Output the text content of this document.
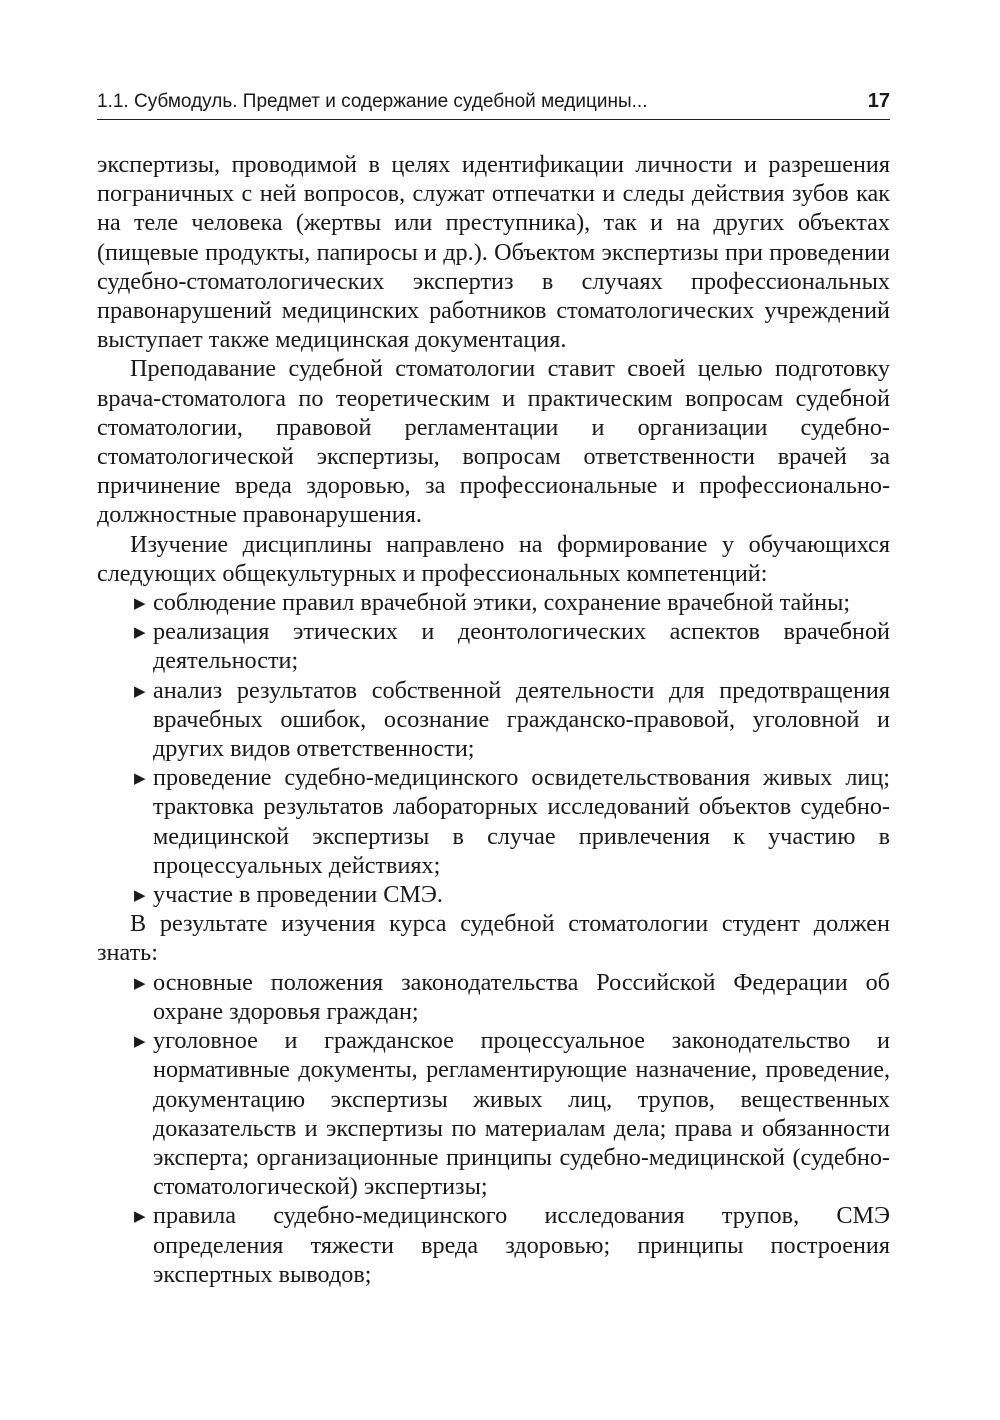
1.1. Субмодуль. Предмет и содержание судебной медицины...	17

экспертизы, проводимой в целях идентификации личности и разрешения пограничных с ней вопросов, служат отпечатки и следы действия зубов как на теле человека (жертвы или преступника), так и на других объектах (пищевые продукты, папиросы и др.). Объектом экспертизы при проведении судебно-стоматологических экспертиз в случаях профессиональных правонарушений медицинских работников стоматологических учреждений выступает также медицинская документация.

Преподавание судебной стоматологии ставит своей целью подготовку врача-стоматолога по теоретическим и практическим вопросам судебной стоматологии, правовой регламентации и организации судебно-стоматологической экспертизы, вопросам ответственности врачей за причинение вреда здоровью, за профессиональные и профессионально-должностные правонарушения.

Изучение дисциплины направлено на формирование у обучающихся следующих общекультурных и профессиональных компетенций:

▶ соблюдение правил врачебной этики, сохранение врачебной тайны;
▶ реализация этических и деонтологических аспектов врачебной деятельности;
▶ анализ результатов собственной деятельности для предотвращения врачебных ошибок, осознание гражданско-правовой, уголовной и других видов ответственности;
▶ проведение судебно-медицинского освидетельствования живых лиц; трактовка результатов лабораторных исследований объектов судебно-медицинской экспертизы в случае привлечения к участию в процессуальных действиях;
▶ участие в проведении СМЭ.

В результате изучения курса судебной стоматологии студент должен знать:

▶ основные положения законодательства Российской Федерации об охране здоровья граждан;
▶ уголовное и гражданское процессуальное законодательство и нормативные документы, регламентирующие назначение, проведение, документацию экспертизы живых лиц, трупов, вещественных доказательств и экспертизы по материалам дела; права и обязанности эксперта; организационные принципы судебно-медицинской (судебно-стоматологической) экспертизы;
▶ правила судебно-медицинского исследования трупов, СМЭ определения тяжести вреда здоровью; принципы построения экспертных выводов;
